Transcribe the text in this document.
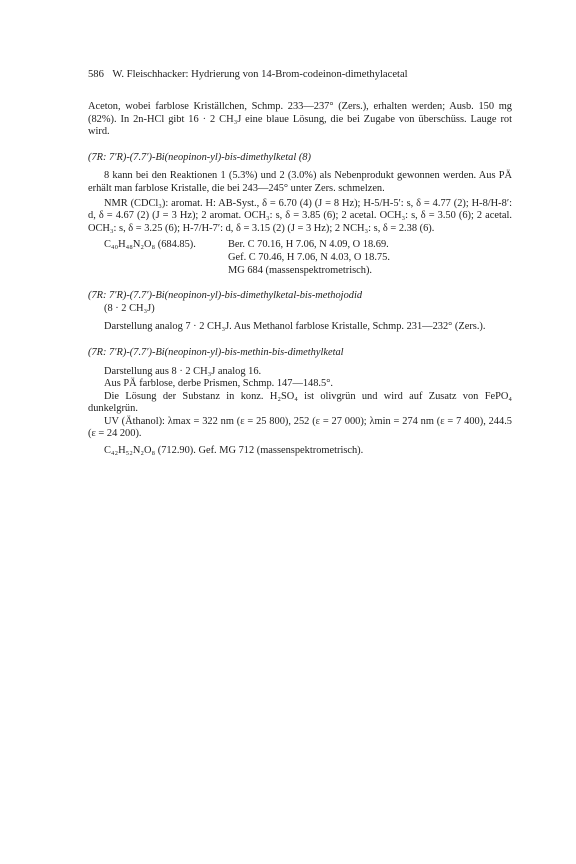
586 W. Fleischhacker: Hydrierung von 14-Brom-codeinon-dimethylacetal

Aceton, wobei farblose Kriställchen, Schmp. 233—237° (Zers.), erhalten werden; Ausb. 150 mg (82%). In 2n-HCl gibt 16 · 2 CH₃J eine blaue Lösung, die bei Zugabe von überschüss. Lauge rot wird.

(7R: 7′R)-(7.7′)-Bi(neopinon-yl)-bis-dimethylketal (8)

8 kann bei den Reaktionen 1 (5.3%) und 2 (3.0%) als Nebenprodukt gewonnen werden. Aus PÄ erhält man farblose Kristalle, die bei 243—245° unter Zers. schmelzen.

NMR (CDCl₃): aromat. H: AB-Syst., δ = 6.70 (4) (J = 8 Hz); H-5/H-5′: s, δ = 4.77 (2); H-8/H-8′: d, δ = 4.67 (2) (J = 3 Hz); 2 aromat. OCH₃: s, δ = 3.85 (6); 2 acetal. OCH₃: s, δ = 3.50 (6); 2 acetal. OCH₃: s, δ = 3.25 (6); H-7/H-7′: d, δ = 3.15 (2) (J = 3 Hz); 2 NCH₃: s, δ = 2.38 (6).

C₄₀H₄₈N₂O₈ (684.85).	Ber. C 70.16, H 7.06, N 4.09, O 18.69.
Gef. C 70.46, H 7.06, N 4.03, O 18.75.
MG 684 (massenspektrometrisch).

(7R: 7′R)-(7.7′)-Bi(neopinon-yl)-bis-dimethylketal-bis-methojodid

(8 · 2 CH₃J)

Darstellung analog 7 · 2 CH₃J. Aus Methanol farblose Kristalle, Schmp. 231—232° (Zers.).

(7R: 7′R)-(7.7′)-Bi(neopinon-yl)-bis-methin-bis-dimethylketal

Darstellung aus 8 · 2 CH₃J analog 16.

Aus PÄ farblose, derbe Prismen, Schmp. 147—148.5°.

Die Lösung der Substanz in konz. H₂SO₄ ist olivgrün und wird auf Zusatz von FePO₄ dunkelgrün.

UV (Äthanol): λmax = 322 nm (ε = 25 800), 252 (ε = 27 000); λmin = 274 nm (ε = 7 400), 244.5 (ε = 24 200).

C₄₂H₅₂N₂O₈ (712.90). Gef. MG 712 (massenspektrometrisch).
